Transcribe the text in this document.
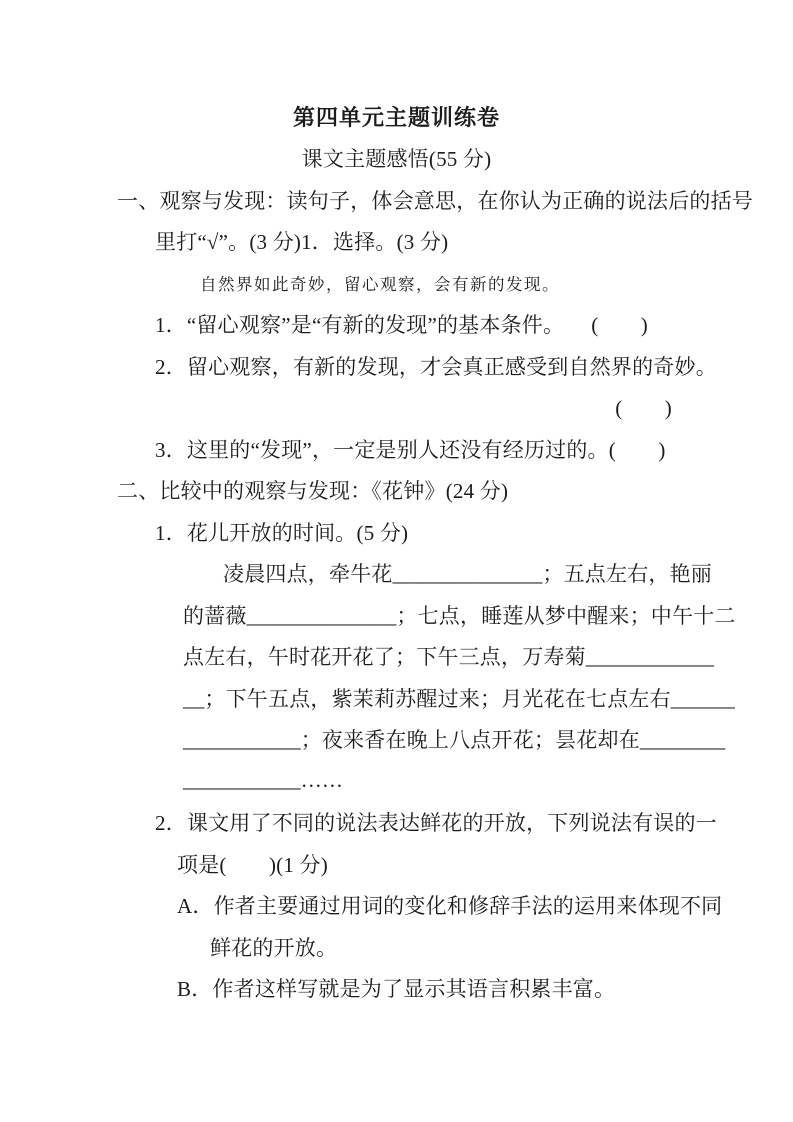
第四单元主题训练卷
课文主题感悟(55 分)
一、观察与发现：读句子，体会意思，在你认为正确的说法后的括号
里打“√”。(3 分)1．选择。(3 分)
自然界如此奇妙，留心观察，会有新的发现。
1．“留心观察”是“有新的发现”的基本条件。 (　　)
2．留心观察，有新的发现，才会真正感受到自然界的奇妙。
(　　)
3．这里的“发现”，一定是别人还没有经历过的。 (　　)
二、比较中的观察与发现：《花钟》(24 分)
1．花儿开放的时间。(5 分)
凌晨四点，牵牛花______________；五点左右，艳丽
的蔷薇______________；七点，睡莲从梦中醒来；中午十二
点左右，午时花开花了；下午三点，万寿菊____________
__；下午五点，紫茉莉苏醒过来；月光花在七点左右______
___________；夜来香在晚上八点开花；昙花却在________
___________……
2．课文用了不同的说法表达鲜花的开放，下列说法有误的一
项是(　　)(1 分)
A．作者主要通过用词的变化和修辞手法的运用来体现不同
鲜花的开放。
B．作者这样写就是为了显示其语言积累丰富。
